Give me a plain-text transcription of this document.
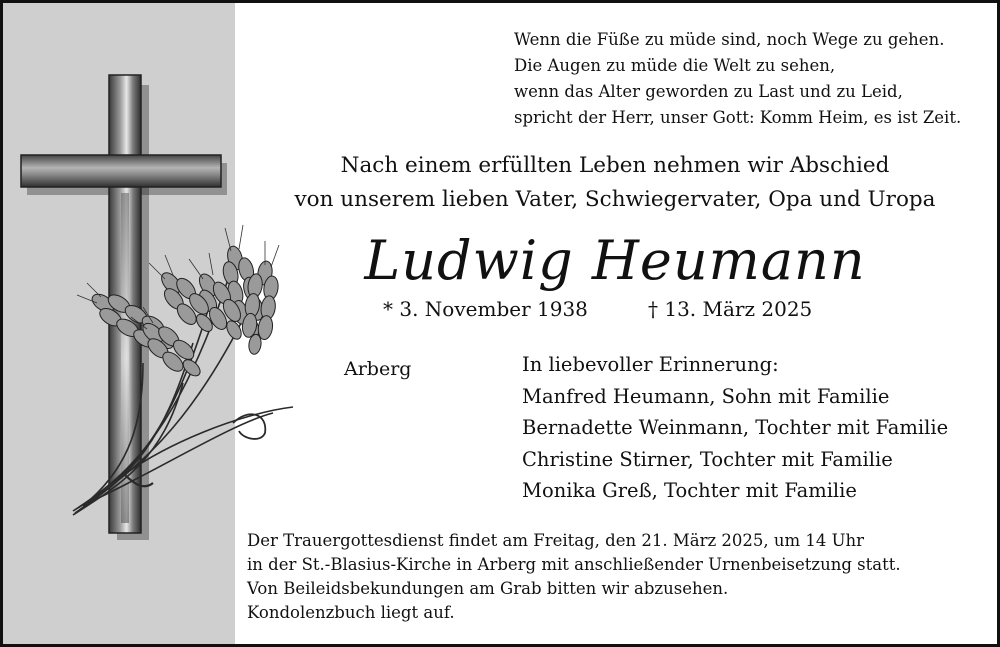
Wenn die Füße zu müde sind, noch Wege zu gehen.
Die Augen zu müde die Welt zu sehen,
wenn das Alter geworden zu Last und zu Leid,
spricht der Herr, unser Gott: Komm Heim, es ist Zeit.
Nach einem erfüllten Leben nehmen wir Abschied
von unserem lieben Vater, Schwiegervater, Opa und Uropa
Ludwig Heumann
* 3. November 1938	† 13. März 2025
Arberg	In liebevoller Erinnerung:
Manfred Heumann, Sohn mit Familie
Bernadette Weinmann, Tochter mit Familie
Christine Stirner, Tochter mit Familie
Monika Greß, Tochter mit Familie
Der Trauergottesdienst findet am Freitag, den 21. März 2025, um 14 Uhr
in der St.-Blasius-Kirche in Arberg mit anschließender Urnenbeisetzung statt.
Von Beileidsbekundungen am Grab bitten wir abzusehen.
Kondolenzbuch liegt auf.
